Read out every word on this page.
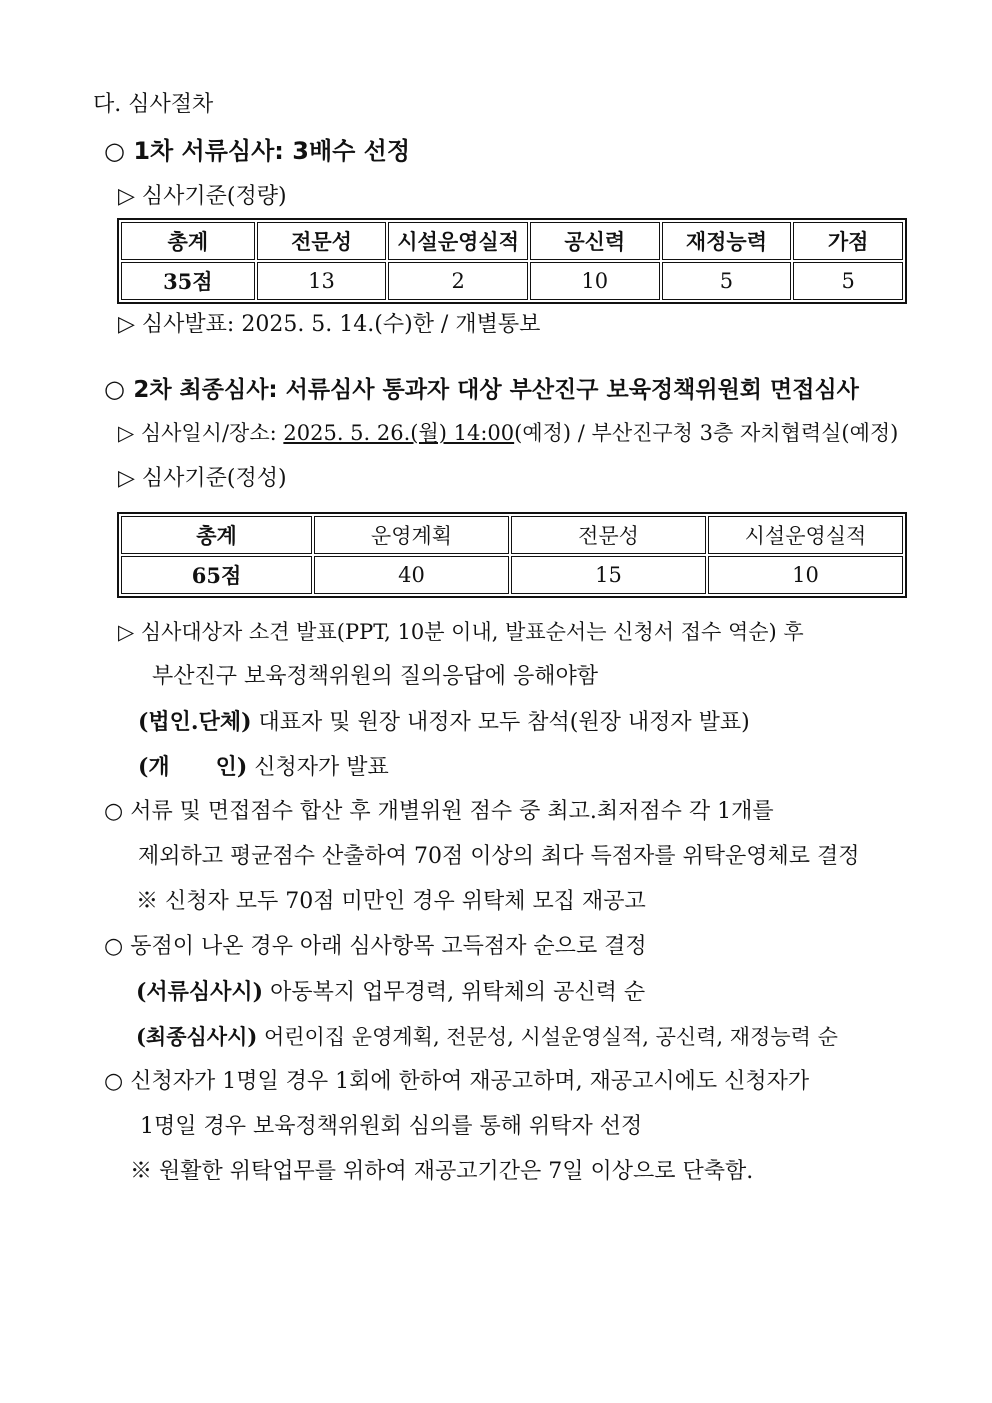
다. 심사절차
○ 1차 서류심사: 3배수 선정
▷ 심사기준(정량)
총계	전문성	시설운영실적	공신력	재정능력	가점
35점	13	2	10	5	5
▷ 심사발표: 2025. 5. 14.(수)한 / 개별통보
○ 2차 최종심사: 서류심사 통과자 대상 부산진구 보육정책위원회 면접심사
▷ 심사일시/장소: 2025. 5. 26.(월) 14:00(예정) / 부산진구청 3층 자치협력실(예정)
▷ 심사기준(정성)
총계	운영계획	전문성	시설운영실적
65점	40	15	10
▷ 심사대상자 소견 발표(PPT, 10분 이내, 발표순서는 신청서 접수 역순) 후
부산진구 보육정책위원의 질의응답에 응해야함
(법인.단체) 대표자 및 원장 내정자 모두 참석(원장 내정자 발표)
(개      인) 신청자가 발표
○ 서류 및 면접점수 합산 후 개별위원 점수 중 최고.최저점수 각 1개를
제외하고 평균점수 산출하여 70점 이상의 최다 득점자를 위탁운영체로 결정
※ 신청자 모두 70점 미만인 경우 위탁체 모집 재공고
○ 동점이 나온 경우 아래 심사항목 고득점자 순으로 결정
(서류심사시) 아동복지 업무경력, 위탁체의 공신력 순
(최종심사시) 어린이집 운영계획, 전문성, 시설운영실적, 공신력, 재정능력 순
○ 신청자가 1명일 경우 1회에 한하여 재공고하며, 재공고시에도 신청자가
1명일 경우 보육정책위원회 심의를 통해 위탁자 선정
※ 원활한 위탁업무를 위하여 재공고기간은 7일 이상으로 단축함.
